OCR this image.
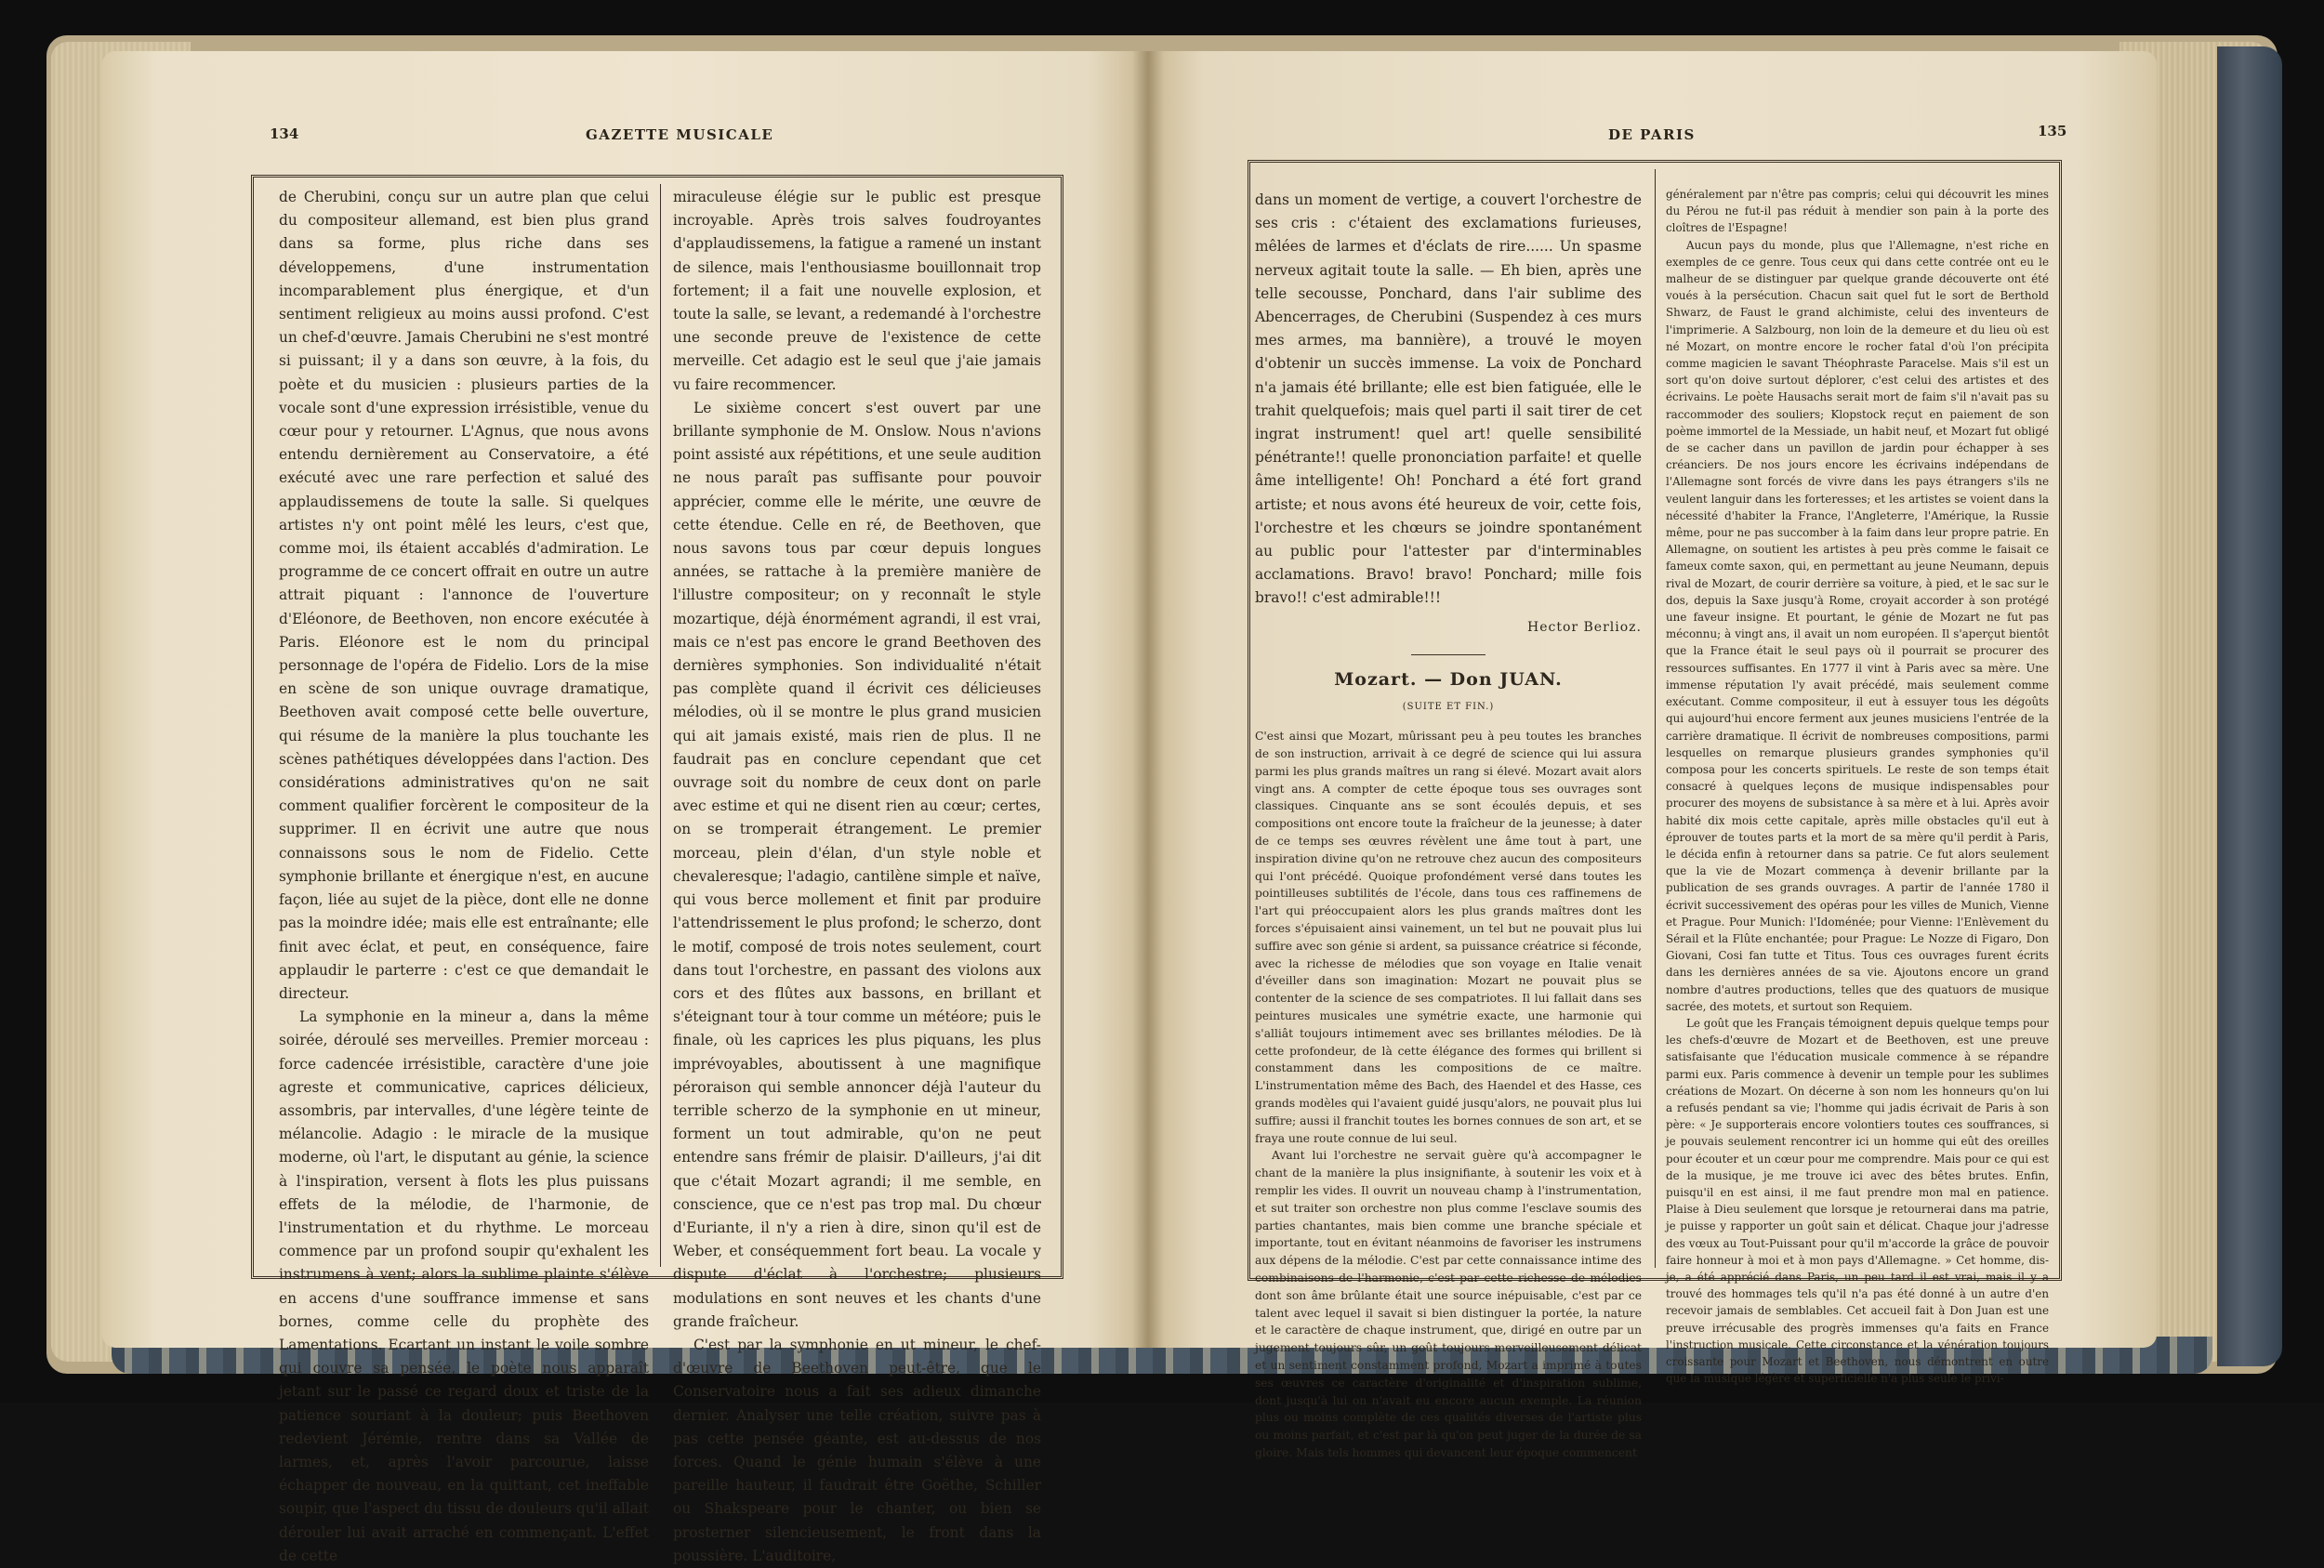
134	GAZETTE MUSICALE

de Cherubini, conçu sur un autre plan que celui du compositeur allemand, est bien plus grand dans sa forme, plus riche dans ses développemens, d'une instrumentation incomparablement plus énergique, et d'un sentiment religieux au moins aussi profond. C'est un chef-d'œuvre. Jamais Cherubini ne s'est montré si puissant; il y a dans son œuvre, à la fois, du poète et du musicien : plusieurs parties de la vocale sont d'une expression irrésistible, venue du cœur pour y retourner. L'Agnus, que nous avons entendu dernièrement au Conservatoire, a été exécuté avec une rare perfection et salué des applaudissemens de toute la salle. Si quelques artistes n'y ont point mêlé les leurs, c'est que, comme moi, ils étaient accablés d'admiration. Le programme de ce concert offrait en outre un autre attrait piquant : l'annonce de l'ouverture d'Eléonore, de Beethoven, non encore exécutée à Paris. Eléonore est le nom du principal personnage de l'opéra de Fidelio. Lors de la mise en scène de son unique ouvrage dramatique, Beethoven avait composé cette belle ouverture, qui résume de la manière la plus touchante les scènes pathétiques développées dans l'action. Des considérations administratives qu'on ne sait comment qualifier forcèrent le compositeur de la supprimer. Il en écrivit une autre que nous connaissons sous le nom de Fidelio. Cette symphonie brillante et énergique n'est, en aucune façon, liée au sujet de la pièce, dont elle ne donne pas la moindre idée; mais elle est entraînante; elle finit avec éclat, et peut, en conséquence, faire applaudir le parterre : c'est ce que demandait le directeur.

La symphonie en la mineur a, dans la même soirée, déroulé ses merveilles. Premier morceau : force cadencée irrésistible, caractère d'une joie agreste et communicative, caprices délicieux, assombris, par intervalles, d'une légère teinte de mélancolie. Adagio : le miracle de la musique moderne, où l'art, le disputant au génie, la science à l'inspiration, versent à flots les plus puissans effets de la mélodie, de l'harmonie, de l'instrumentation et du rhythme. Le morceau commence par un profond soupir qu'exhalent les instrumens à vent; alors la sublime plainte s'élève en accens d'une souffrance immense et sans bornes, comme celle du prophète des Lamentations. Ecartant un instant le voile sombre qui couvre sa pensée, le poète nous apparaît jetant sur le passé ce regard doux et triste de la patience souriant à la douleur; puis Beethoven redevient Jérémie, rentre dans sa Vallée de larmes, et, après l'avoir parcourue, laisse échapper de nouveau, en la quittant, cet ineffable soupir, que l'aspect du tissu de douleurs qu'il allait dérouler lui avait arraché en commençant. L'effet de cette

miraculeuse élégie sur le public est presque incroyable. Après trois salves foudroyantes d'applaudissemens, la fatigue a ramené un instant de silence, mais l'enthousiasme bouillonnait trop fortement; il a fait une nouvelle explosion, et toute la salle, se levant, a redemandé à l'orchestre une seconde preuve de l'existence de cette merveille. Cet adagio est le seul que j'aie jamais vu faire recommencer.

Le sixième concert s'est ouvert par une brillante symphonie de M. Onslow. Nous n'avions point assisté aux répétitions, et une seule audition ne nous paraît pas suffisante pour pouvoir apprécier, comme elle le mérite, une œuvre de cette étendue. Celle en ré, de Beethoven, que nous savons tous par cœur depuis longues années, se rattache à la première manière de l'illustre compositeur; on y reconnaît le style mozartique, déjà énormément agrandi, il est vrai, mais ce n'est pas encore le grand Beethoven des dernières symphonies. Son individualité n'était pas complète quand il écrivit ces délicieuses mélodies, où il se montre le plus grand musicien qui ait jamais existé, mais rien de plus. Il ne faudrait pas en conclure cependant que cet ouvrage soit du nombre de ceux dont on parle avec estime et qui ne disent rien au cœur; certes, on se tromperait étrangement. Le premier morceau, plein d'élan, d'un style noble et chevaleresque; l'adagio, cantilène simple et naïve, qui vous berce mollement et finit par produire l'attendrissement le plus profond; le scherzo, dont le motif, composé de trois notes seulement, court dans tout l'orchestre, en passant des violons aux cors et des flûtes aux bassons, en brillant et s'éteignant tour à tour comme un météore; puis le finale, où les caprices les plus piquans, les plus imprévoyables, aboutissent à une magnifique péroraison qui semble annoncer déjà l'auteur du terrible scherzo de la symphonie en ut mineur, forment un tout admirable, qu'on ne peut entendre sans frémir de plaisir. D'ailleurs, j'ai dit que c'était Mozart agrandi; il me semble, en conscience, que ce n'est pas trop mal. Du chœur d'Euriante, il n'y a rien à dire, sinon qu'il est de Weber, et conséquemment fort beau. La vocale y dispute d'éclat à l'orchestre; plusieurs modulations en sont neuves et les chants d'une grande fraîcheur.

C'est par la symphonie en ut mineur, le chef-d'œuvre de Beethoven peut-être, que le Conservatoire nous a fait ses adieux dimanche dernier. Analyser une telle création, suivre pas à pas cette pensée géante, est au-dessus de nos forces. Quand le génie humain s'élève à une pareille hauteur, il faudrait être Goëthe, Schiller ou Shakspeare pour le chanter, ou bien se prosterner silencieusement, le front dans la poussière. L'auditoire,

DE PARIS	135

dans un moment de vertige, a couvert l'orchestre de ses cris : c'étaient des exclamations furieuses, mêlées de larmes et d'éclats de rire...... Un spasme nerveux agitait toute la salle. — Eh bien, après une telle secousse, Ponchard, dans l'air sublime des Abencerrages, de Cherubini (Suspendez à ces murs mes armes, ma bannière), a trouvé le moyen d'obtenir un succès immense. La voix de Ponchard n'a jamais été brillante; elle est bien fatiguée, elle le trahit quelquefois; mais quel parti il sait tirer de cet ingrat instrument! quel art! quelle sensibilité pénétrante!! quelle prononciation parfaite! et quelle âme intelligente! Oh! Ponchard a été fort grand artiste; et nous avons été heureux de voir, cette fois, l'orchestre et les chœurs se joindre spontanément au public pour l'attester par d'interminables acclamations. Bravo! bravo! Ponchard; mille fois bravo!! c'est admirable!!!

Hector Berlioz.
Mozart. — Don JUAN.
(SUITE ET FIN.)

C'est ainsi que Mozart, mûrissant peu à peu toutes les branches de son instruction, arrivait à ce degré de science qui lui assura parmi les plus grands maîtres un rang si élevé. Mozart avait alors vingt ans. A compter de cette époque tous ses ouvrages sont classiques. Cinquante ans se sont écoulés depuis, et ses compositions ont encore toute la fraîcheur de la jeunesse; à dater de ce temps ses œuvres révèlent une âme tout à part, une inspiration divine qu'on ne retrouve chez aucun des compositeurs qui l'ont précédé. Quoique profondément versé dans toutes les pointilleuses subtilités de l'école, dans tous ces raffinemens de l'art qui préoccupaient alors les plus grands maîtres dont les forces s'épuisaient ainsi vainement, un tel but ne pouvait plus lui suffire avec son génie si ardent, sa puissance créatrice si féconde, avec la richesse de mélodies que son voyage en Italie venait d'éveiller dans son imagination: Mozart ne pouvait plus se contenter de la science de ses compatriotes. Il lui fallait dans ses peintures musicales une symétrie exacte, une harmonie qui s'alliât toujours intimement avec ses brillantes mélodies. De là cette profondeur, de là cette élégance des formes qui brillent si constamment dans les compositions de ce maître. L'instrumentation même des Bach, des Haendel et des Hasse, ces grands modèles qui l'avaient guidé jusqu'alors, ne pouvait plus lui suffire; aussi il franchit toutes les bornes connues de son art, et se fraya une route connue de lui seul.

Avant lui l'orchestre ne servait guère qu'à accompagner le chant de la manière la plus insignifiante, à soutenir les voix et à remplir les vides. Il ouvrit un nouveau champ à l'instrumentation, et sut traiter son orchestre non plus comme l'esclave soumis des parties chantantes, mais bien comme une branche spéciale et importante, tout en évitant néanmoins de favoriser les instrumens aux dépens de la mélodie. C'est par cette connaissance intime des combinaisons de l'harmonie, c'est par cette richesse de mélodies dont son âme brûlante était une source inépuisable, c'est par ce talent avec lequel il savait si bien distinguer la portée, la nature et le caractère de chaque instrument, que, dirigé en outre par un jugement toujours sûr, un goût toujours merveilleusement délicat et un sentiment constamment profond, Mozart a imprimé à toutes ses œuvres ce caractère d'originalité et d'inspiration sublime, dont jusqu'à lui on n'avait eu encore aucun exemple. La réunion plus ou moins complète de ces qualités diverses de l'artiste plus ou moins parfait, et c'est par là qu'on peut juger de la durée de sa gloire. Mais tels hommes qui devancent leur époque commencent

généralement par n'être pas compris; celui qui découvrit les mines du Pérou ne fut-il pas réduit à mendier son pain à la porte des cloîtres de l'Espagne!

Aucun pays du monde, plus que l'Allemagne, n'est riche en exemples de ce genre. Tous ceux qui dans cette contrée ont eu le malheur de se distinguer par quelque grande découverte ont été voués à la persécution. Chacun sait quel fut le sort de Berthold Shwarz, de Faust le grand alchimiste, celui des inventeurs de l'imprimerie. A Salzbourg, non loin de la demeure et du lieu où est né Mozart, on montre encore le rocher fatal d'où l'on précipita comme magicien le savant Théophraste Paracelse. Mais s'il est un sort qu'on doive surtout déplorer, c'est celui des artistes et des écrivains. Le poète Hausachs serait mort de faim s'il n'avait pas su raccommoder des souliers; Klopstock reçut en paiement de son poème immortel de la Messiade, un habit neuf, et Mozart fut obligé de se cacher dans un pavillon de jardin pour échapper à ses créanciers. De nos jours encore les écrivains indépendans de l'Allemagne sont forcés de vivre dans les pays étrangers s'ils ne veulent languir dans les forteresses; et les artistes se voient dans la nécessité d'habiter la France, l'Angleterre, l'Amérique, la Russie même, pour ne pas succomber à la faim dans leur propre patrie. En Allemagne, on soutient les artistes à peu près comme le faisait ce fameux comte saxon, qui, en permettant au jeune Neumann, depuis rival de Mozart, de courir derrière sa voiture, à pied, et le sac sur le dos, depuis la Saxe jusqu'à Rome, croyait accorder à son protégé une faveur insigne. Et pourtant, le génie de Mozart ne fut pas méconnu; à vingt ans, il avait un nom européen. Il s'aperçut bientôt que la France était le seul pays où il pourrait se procurer des ressources suffisantes. En 1777 il vint à Paris avec sa mère. Une immense réputation l'y avait précédé, mais seulement comme exécutant. Comme compositeur, il eut à essuyer tous les dégoûts qui aujourd'hui encore ferment aux jeunes musiciens l'entrée de la carrière dramatique. Il écrivit de nombreuses compositions, parmi lesquelles on remarque plusieurs grandes symphonies qu'il composa pour les concerts spirituels. Le reste de son temps était consacré à quelques leçons de musique indispensables pour procurer des moyens de subsistance à sa mère et à lui. Après avoir habité dix mois cette capitale, après mille obstacles qu'il eut à éprouver de toutes parts et la mort de sa mère qu'il perdit à Paris, le décida enfin à retourner dans sa patrie. Ce fut alors seulement que la vie de Mozart commença à devenir brillante par la publication de ses grands ouvrages. A partir de l'année 1780 il écrivit successivement des opéras pour les villes de Munich, Vienne et Prague. Pour Munich: l'Idoménée; pour Vienne: l'Enlèvement du Sérail et la Flûte enchantée; pour Prague: Le Nozze di Figaro, Don Giovani, Cosi fan tutte et Titus. Tous ces ouvrages furent écrits dans les dernières années de sa vie. Ajoutons encore un grand nombre d'autres productions, telles que des quatuors de musique sacrée, des motets, et surtout son Requiem.

Le goût que les Français témoignent depuis quelque temps pour les chefs-d'œuvre de Mozart et de Beethoven, est une preuve satisfaisante que l'éducation musicale commence à se répandre parmi eux. Paris commence à devenir un temple pour les sublimes créations de Mozart. On décerne à son nom les honneurs qu'on lui a refusés pendant sa vie; l'homme qui jadis écrivait de Paris à son père: « Je supporterais encore volontiers toutes ces souffrances, si je pouvais seulement rencontrer ici un homme qui eût des oreilles pour écouter et un cœur pour me comprendre. Mais pour ce qui est de la musique, je me trouve ici avec des bêtes brutes. Enfin, puisqu'il en est ainsi, il me faut prendre mon mal en patience. Plaise à Dieu seulement que lorsque je retournerai dans ma patrie, je puisse y rapporter un goût sain et délicat. Chaque jour j'adresse des vœux au Tout-Puissant pour qu'il m'accorde la grâce de pouvoir faire honneur à moi et à mon pays d'Allemagne. » Cet homme, dis-je, a été apprécié dans Paris, un peu tard il est vrai, mais il y a trouvé des hommages tels qu'il n'a pas été donné à un autre d'en recevoir jamais de semblables. Cet accueil fait à Don Juan est une preuve irrécusable des progrès immenses qu'a faits en France l'instruction musicale. Cette circonstance et la vénération toujours croissante pour Mozart et Beethoven, nous démontrent en outre que la musique légère et superficielle n'a plus seule le privi-
